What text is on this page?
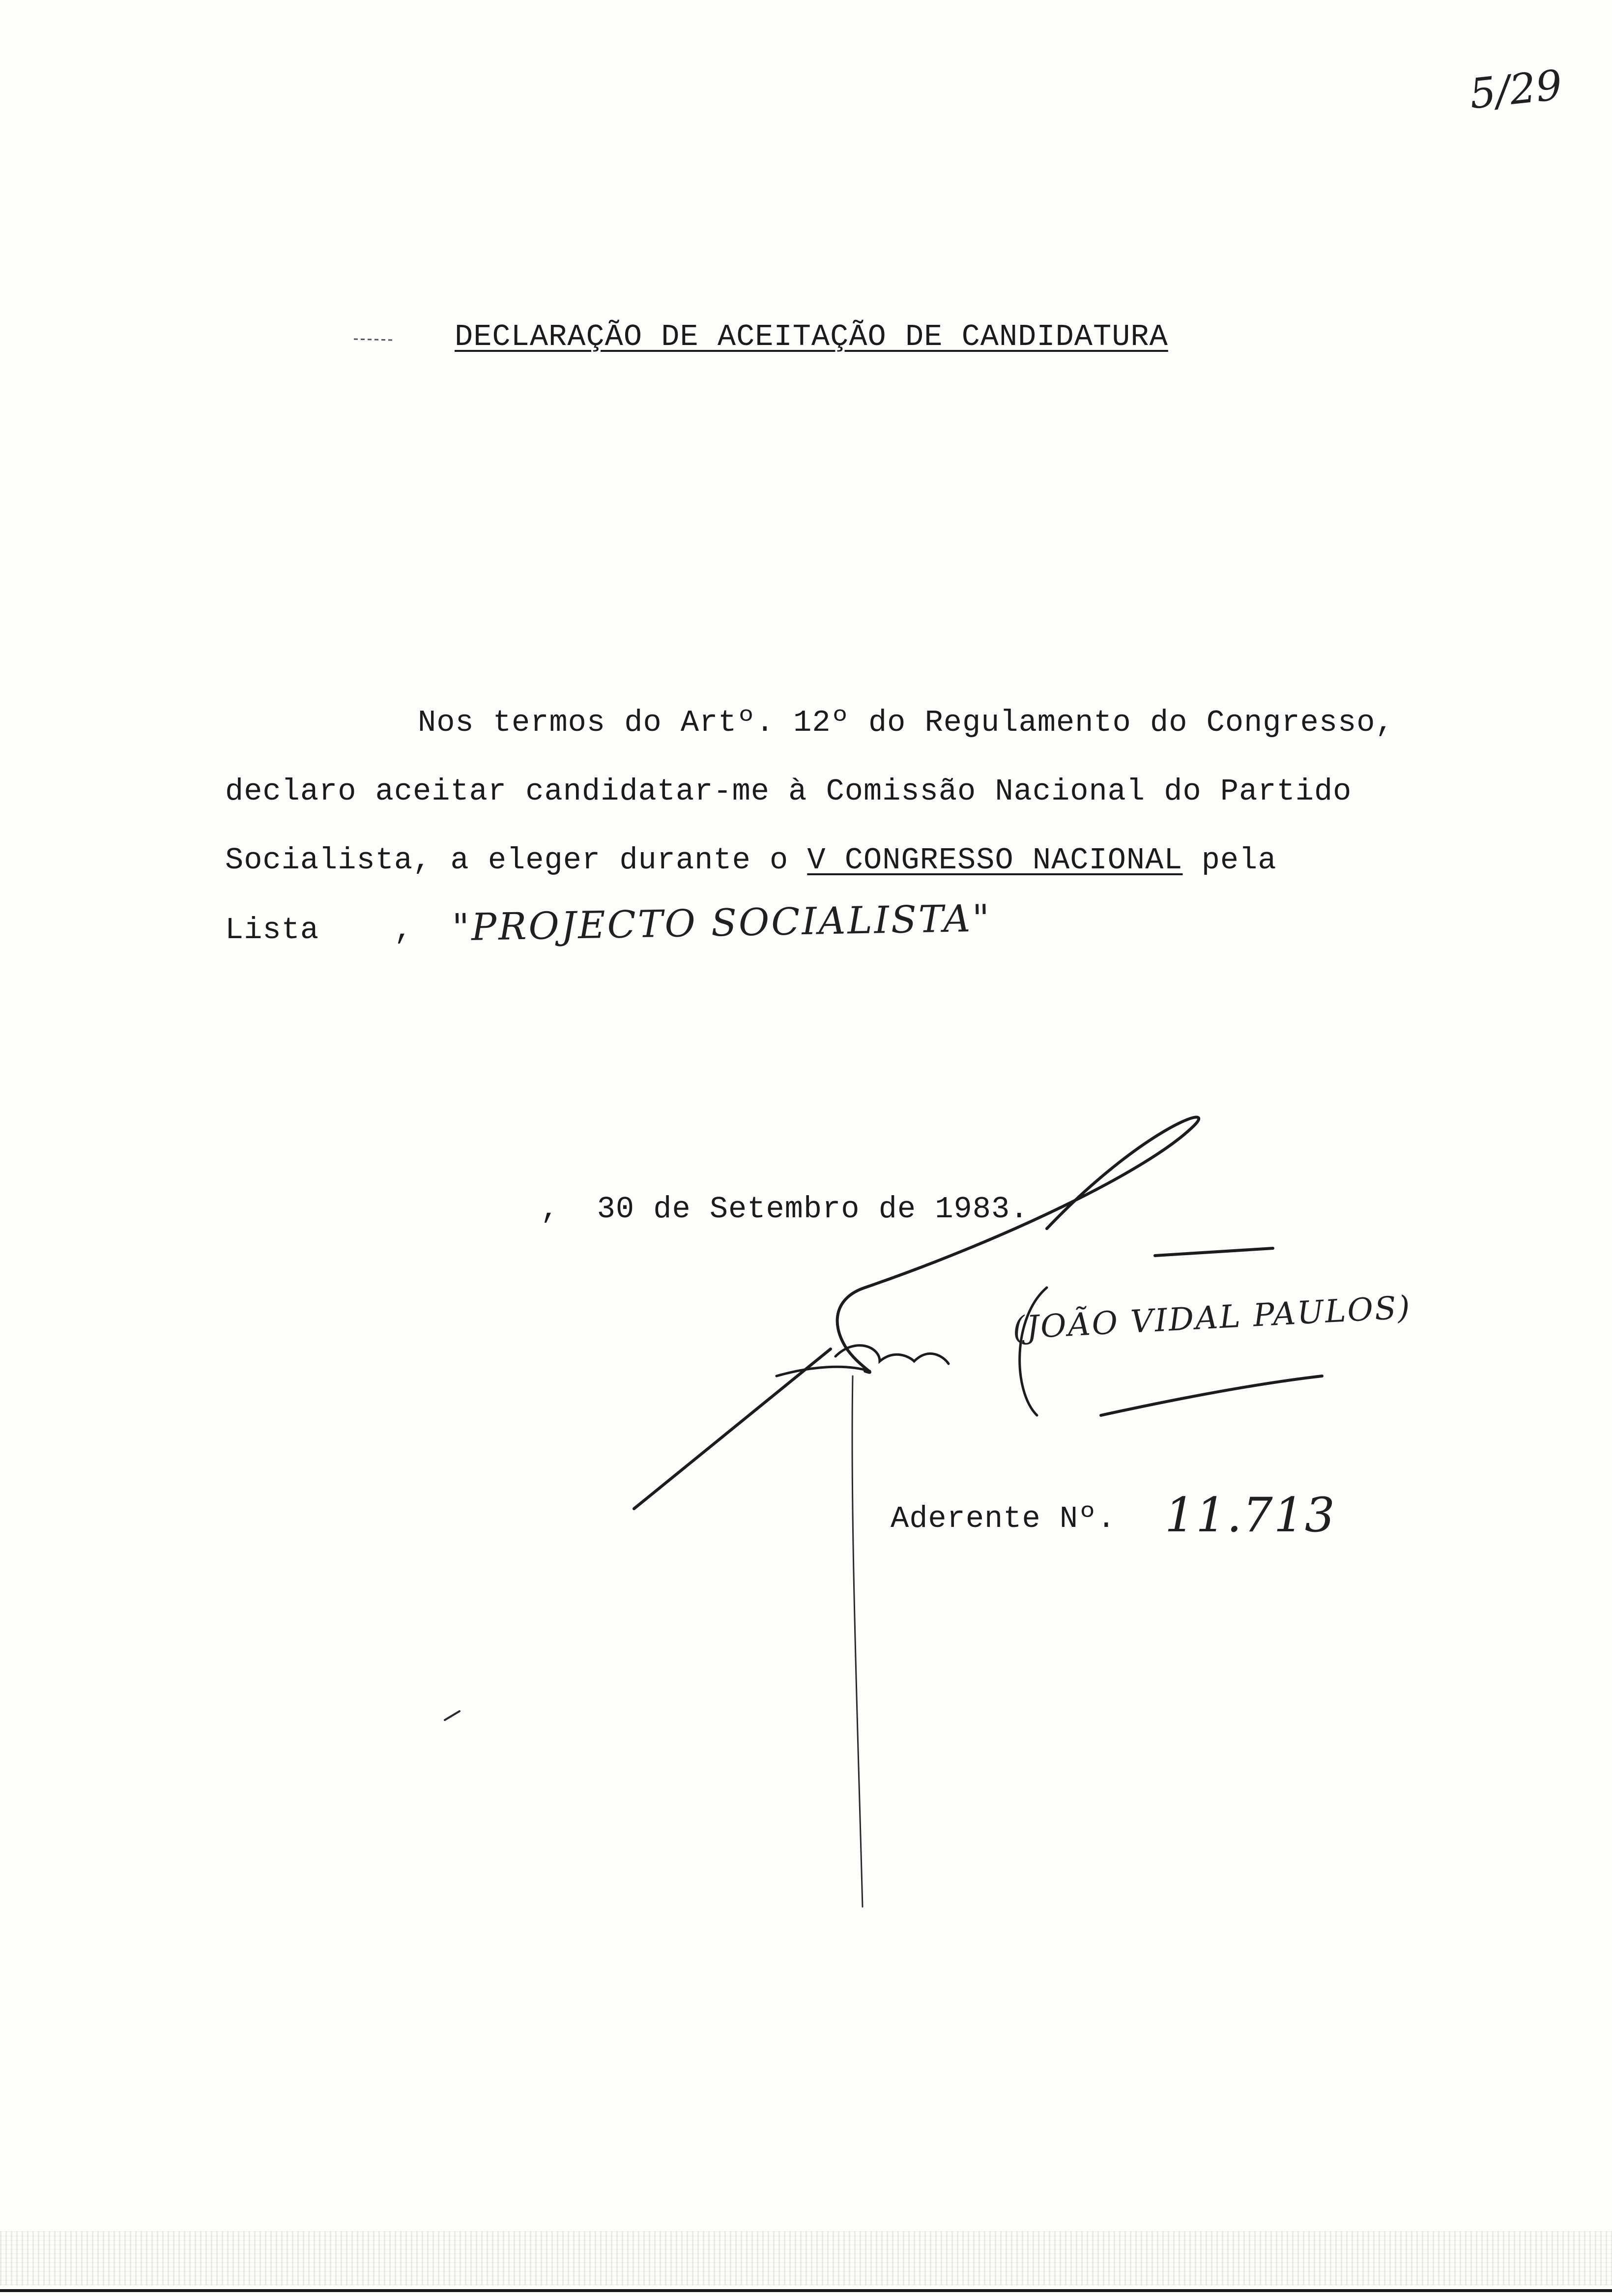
5/29
DECLARAÇÃO DE ACEITAÇÃO DE CANDIDATURA
Nos termos do Artº. 12º do Regulamento do Congresso,
declaro aceitar candidatar-me à Comissão Nacional do Partido
Socialista, a eleger durante o V CONGRESSO NACIONAL pela
Lista    , "PROJECTO SOCIALISTA"
,  30 de Setembro de 1983.
(JOÃO VIDAL PAULOS)
Aderente Nº. 11.713
